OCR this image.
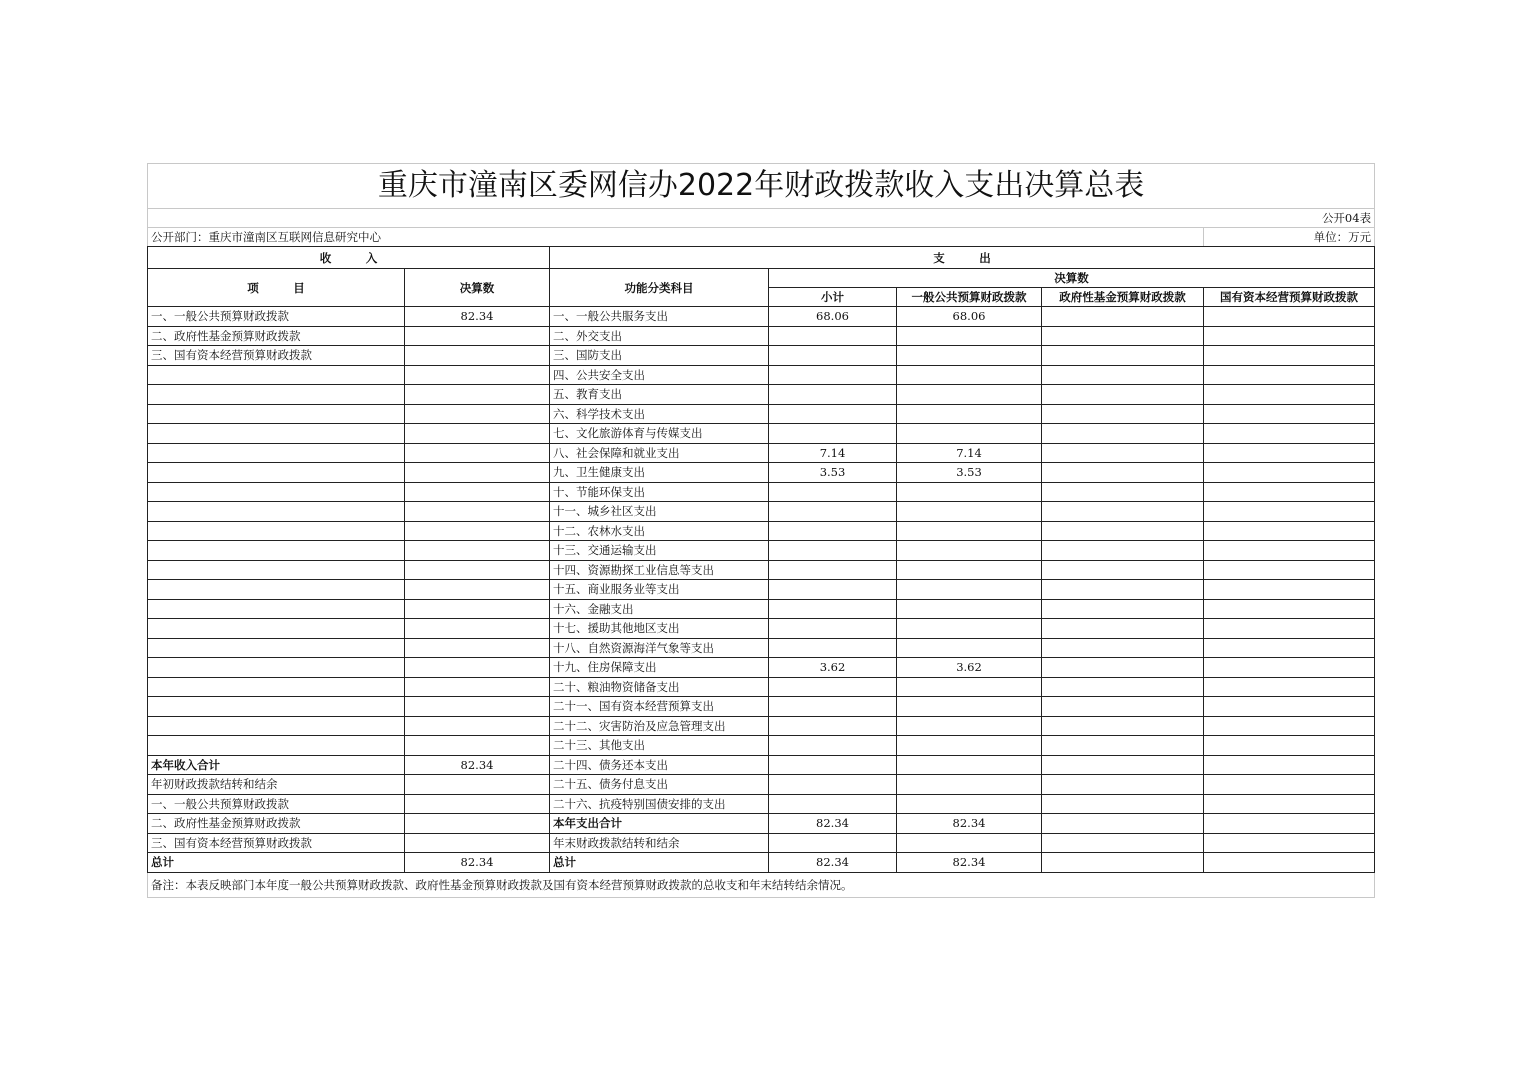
重庆市潼南区委网信办2022年财政拨款收入支出决算总表						
公开04表						
公开部门：重庆市潼南区互联网信息研究中心						单位：万元
收　　　入		支　　　出				
项　　　目	决算数	功能分类科目	决算数			
			小计	一般公共预算财政拨款	政府性基金预算财政拨款	国有资本经营预算财政拨款
一、一般公共预算财政拨款	82.34	一、一般公共服务支出	68.06	68.06		
二、政府性基金预算财政拨款		二、外交支出				
三、国有资本经营预算财政拨款		三、国防支出				
		四、公共安全支出				
		五、教育支出				
		六、科学技术支出				
		七、文化旅游体育与传媒支出				
		八、社会保障和就业支出	7.14	7.14		
		九、卫生健康支出	3.53	3.53		
		十、节能环保支出				
		十一、城乡社区支出				
		十二、农林水支出				
		十三、交通运输支出				
		十四、资源勘探工业信息等支出				
		十五、商业服务业等支出				
		十六、金融支出				
		十七、援助其他地区支出				
		十八、自然资源海洋气象等支出				
		十九、住房保障支出	3.62	3.62		
		二十、粮油物资储备支出				
		二十一、国有资本经营预算支出				
		二十二、灾害防治及应急管理支出				
		二十三、其他支出				
本年收入合计	82.34	二十四、债务还本支出				
年初财政拨款结转和结余		二十五、债务付息支出				
一、一般公共预算财政拨款		二十六、抗疫特别国债安排的支出				
二、政府性基金预算财政拨款		本年支出合计	82.34	82.34		
三、国有资本经营预算财政拨款		年末财政拨款结转和结余				
总计	82.34	总计	82.34	82.34		
备注：本表反映部门本年度一般公共预算财政拨款、政府性基金预算财政拨款及国有资本经营预算财政拨款的总收支和年末结转结余情况。						
